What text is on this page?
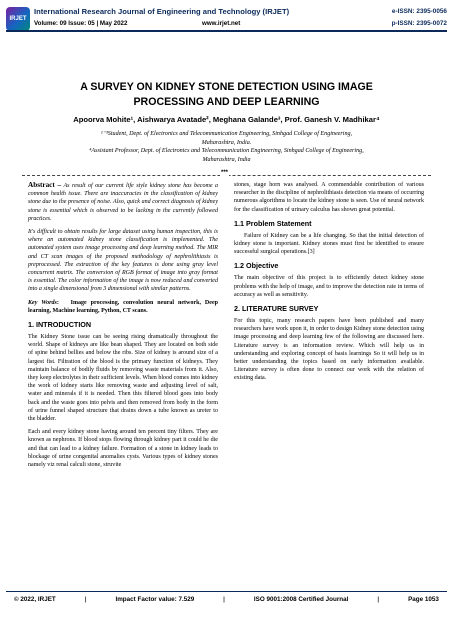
IRJET
International Research Journal of Engineering and Technology (IRJET)
Volume: 09 Issue: 05 | May 2022	www.irjet.net
e-ISSN: 2395-0056
p-ISSN: 2395-0072
A SURVEY ON KIDNEY STONE DETECTION USING IMAGE
PROCESSING AND DEEP LEARNING
Apoorva Mohite¹, Aishwarya Avatade², Meghana Galande³, Prof. Ganesh V. Madhikar⁴
¹⁻³Student, Dept. of Electronics and Telecommunication Engineering, Sinhgad College of Engineering,
Maharashtra, India.
⁴Assistant Professor, Dept. of Electronics and Telecommunication Engineering, Sinhgad College of Engineering,
Maharashtra, India
***

Abstract – As result of our current life style kidney stone has become a common health issue. There are inaccuracies in the classification of kidney stone due to the presence of noise. Also, quick and correct diagnosis of kidney stone is essential which is observed to be lacking in the currently followed practices.

It's difficult to obtain results for large dataset using human inspection, this is where an automated kidney stone classification is implemented. The automated system uses image processing and deep learning method. The MIR and CT scan images of the proposed methodology of nephrolithiasis is preprocessed. The extraction of the key features is done using gray level concurrent matrix. The conversion of RGB format of image into gray format is essential. The color information of the image is now reduced and converted into a single dimensional from 3 dimensional with similar patterns.

Key Words:   Image processing, convolution neural network, Deep learning, Machine learning, Python, CT scans.

1. INTRODUCTION

The Kidney Stone issue can be seeing rising dramatically throughout the world. Shape of kidneys are like bean shaped. They are located on both side of spine behind bellies and below the ribs. Size of kidney is around size of a largest fist. Filtration of the blood is the primary function of kidneys. They maintain balance of bodily fluids by removing waste materials from it. Also, they keep electrolytes in their sufficient levels. When blood comes into kidney the work of kidney starts like removing waste and adjusting level of salt, water and minerals if it is needed. Then this filtered blood goes into body back and the waste goes into pelvis and then removed from body in the form of urine funnel shaped structure that drains down a tube known as ureter to the bladder.

Each and every kidney stone having around ten percent tiny filters. They are known as nephrons. If blood stops flowing through kidney part it could he die and that can lead to a kidney failure. Formation of a stone in kidney leads to blockage of urine congenital anomalies cysts. Various types of kidney stones namely viz renal calculi stone, struvite

stones, stage horn was analysed. A commendable contribution of various researcher in the discipline of nephrolithiasis detection via means of occurring numerous algorithms to locate the kidney stone is seen. Use of neural network for the classification of urinary calculus has shown great potential.

1.1 Problem Statement

Failure of Kidney can be a life changing. So that the initial detection of kidney stone is important. Kidney stones must first be identified to ensure successful surgical operations.[3]

1.2 Objective

The main objective of this project is to efficiently detect kidney stone problems with the help of image, and to improve the detection rate in terms of accuracy as well as sensitivity.

2. LITERATURE SURVEY

For this topic, many research papers have been published and many researchers have work upon it, in order to design Kidney stone detection using image processing and deep learning few of the following are discussed here. Literature survey is an information review. Which will help us in understanding and exploring concept of basis learnings So it will help us in better understanding the topics based on early information available. Literature survey is often done to connect our work with the relation of existing data.

© 2022, IRJET	|	Impact Factor value: 7.529	|	ISO 9001:2008 Certified Journal	|	Page 1053
